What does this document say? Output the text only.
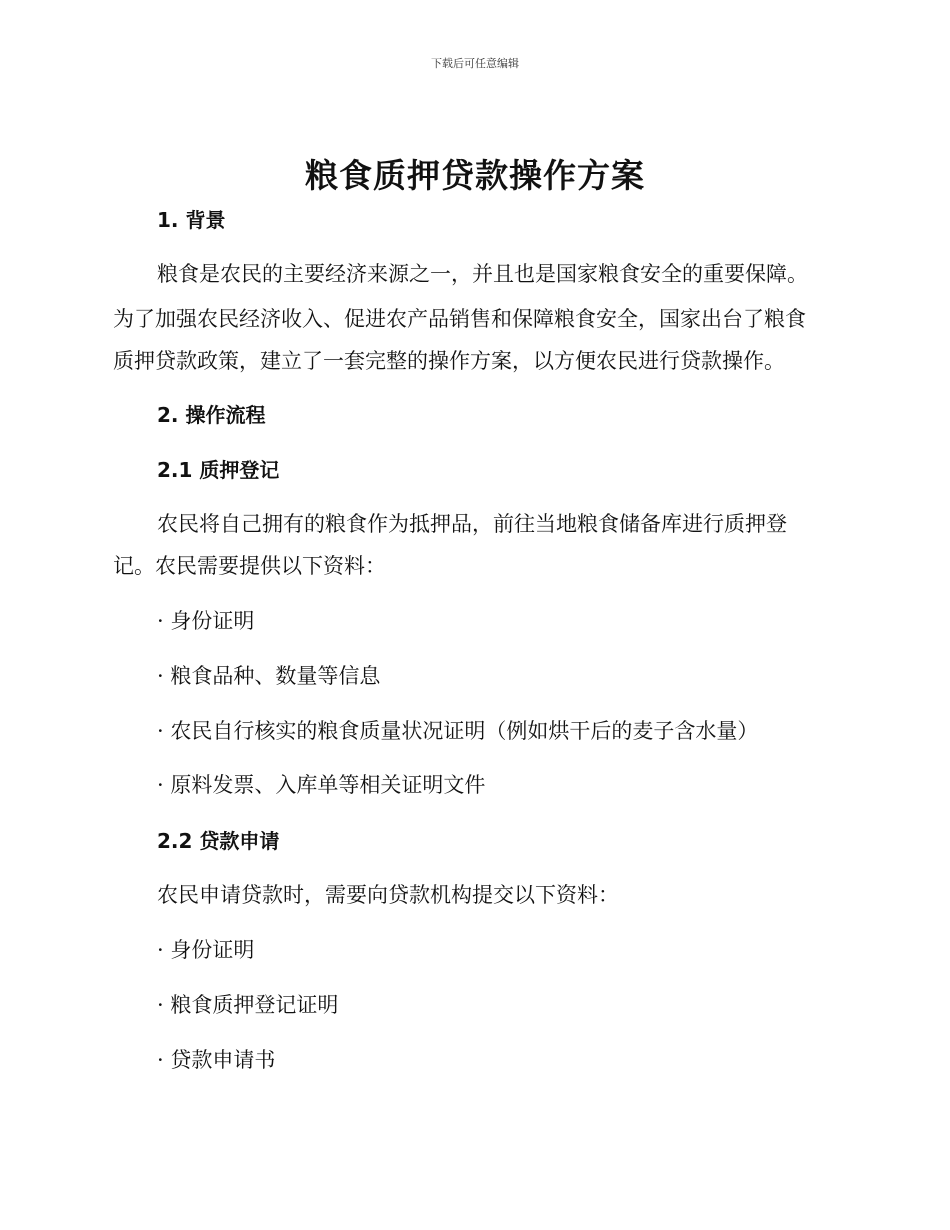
下载后可任意编辑
粮食质押贷款操作方案
1. 背景
粮食是农民的主要经济来源之一，并且也是国家粮食安全的重要保障。
为了加强农民经济收入、促进农产品销售和保障粮食安全，国家出台了粮食
质押贷款政策，建立了一套完整的操作方案，以方便农民进行贷款操作。
2. 操作流程
2.1 质押登记
农民将自己拥有的粮食作为抵押品，前往当地粮食储备库进行质押登
记。农民需要提供以下资料：
· 身份证明
· 粮食品种、数量等信息
· 农民自行核实的粮食质量状况证明（例如烘干后的麦子含水量）
· 原料发票、入库单等相关证明文件
2.2 贷款申请
农民申请贷款时，需要向贷款机构提交以下资料：
· 身份证明
· 粮食质押登记证明
· 贷款申请书
